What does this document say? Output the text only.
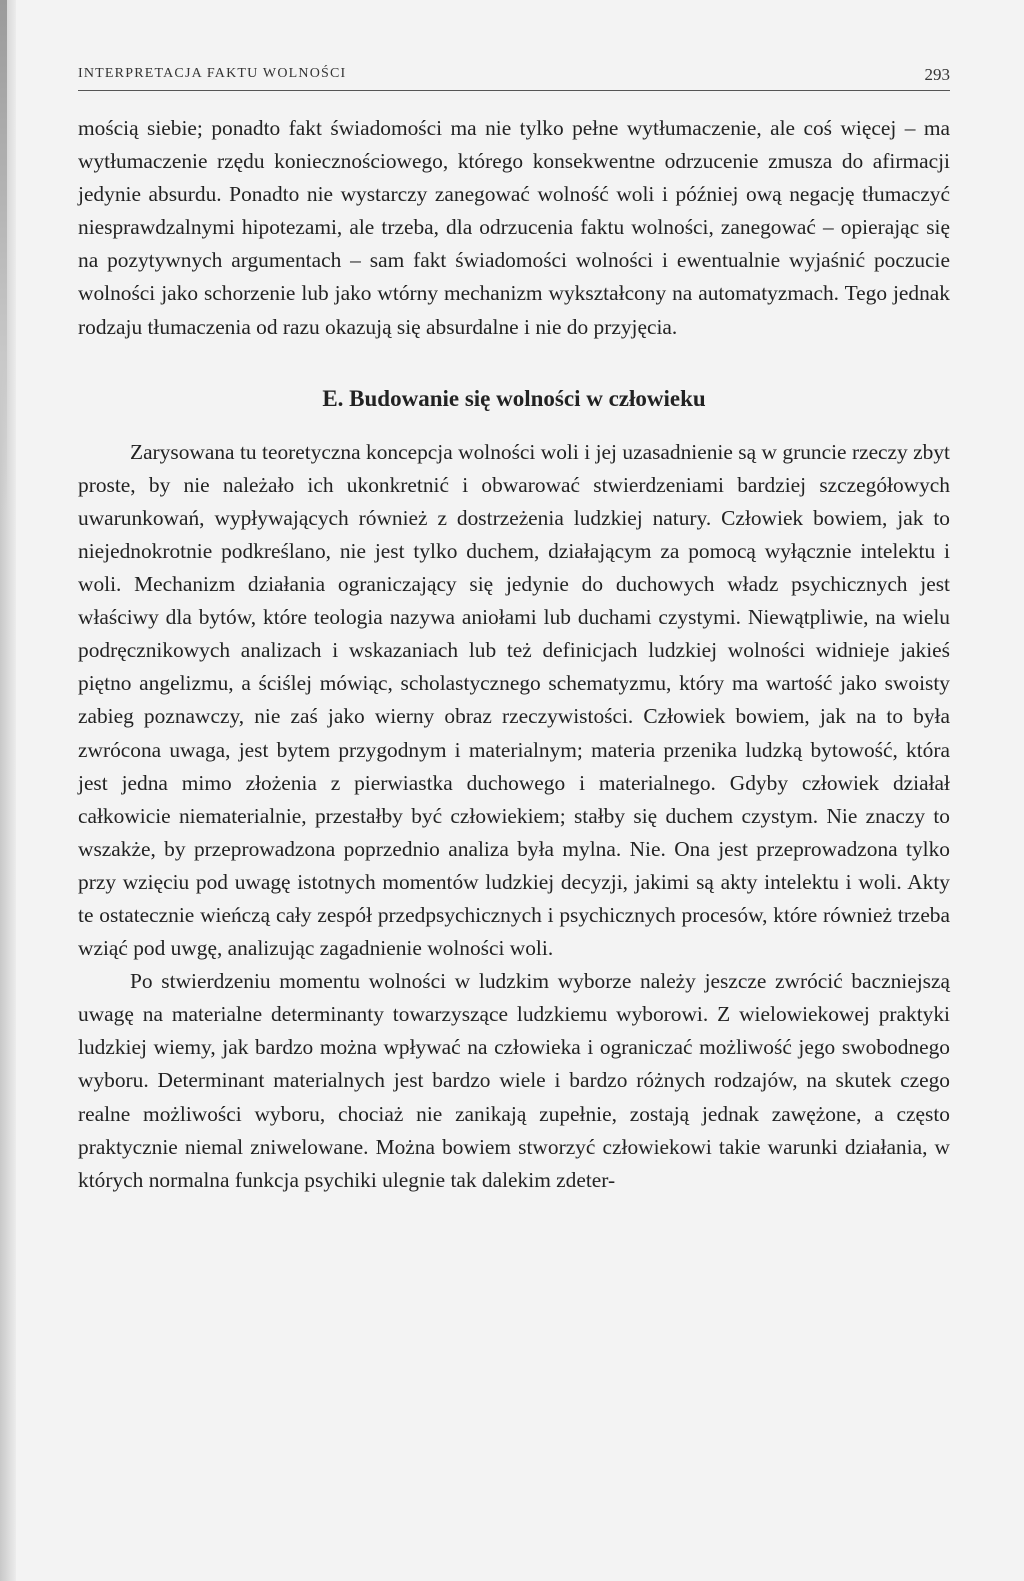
INTERPRETACJA FAKTU WOLNOŚCI	293

mością siebie; ponadto fakt świadomości ma nie tylko pełne wytłumaczenie, ale coś więcej – ma wytłumaczenie rzędu koniecznościowego, którego konsekwentne odrzucenie zmusza do afirmacji jedynie absurdu. Ponadto nie wystarczy zanegować wolność woli i później ową negację tłumaczyć niesprawdzalnymi hipotezami, ale trzeba, dla odrzucenia faktu wolności, zanegować – opierając się na pozytywnych argumentach – sam fakt świadomości wolności i ewentualnie wyjaśnić poczucie wolności jako schorzenie lub jako wtórny mechanizm wykształcony na automatyzmach. Tego jednak rodzaju tłumaczenia od razu okazują się absurdalne i nie do przyjęcia.

E. Budowanie się wolności w człowieku

Zarysowana tu teoretyczna koncepcja wolności woli i jej uzasadnienie są w gruncie rzeczy zbyt proste, by nie należało ich ukonkretnić i obwarować stwierdzeniami bardziej szczegółowych uwarunkowań, wypływających również z dostrzeżenia ludzkiej natury. Człowiek bowiem, jak to niejednokrotnie podkreślano, nie jest tylko duchem, działającym za pomocą wyłącznie intelektu i woli. Mechanizm działania ograniczający się jedynie do duchowych władz psychicznych jest właściwy dla bytów, które teologia nazywa aniołami lub duchami czystymi. Niewątpliwie, na wielu podręcznikowych analizach i wskazaniach lub też definicjach ludzkiej wolności widnieje jakieś piętno angelizmu, a ściślej mówiąc, scholastycznego schematyzmu, który ma wartość jako swoisty zabieg poznawczy, nie zaś jako wierny obraz rzeczywistości. Człowiek bowiem, jak na to była zwrócona uwaga, jest bytem przygodnym i materialnym; materia przenika ludzką bytowość, która jest jedna mimo złożenia z pierwiastka duchowego i materialnego. Gdyby człowiek działał całkowicie niematerialnie, przestałby być człowiekiem; stałby się duchem czystym. Nie znaczy to wszakże, by przeprowadzona poprzednio analiza była mylna. Nie. Ona jest przeprowadzona tylko przy wzięciu pod uwagę istotnych momentów ludzkiej decyzji, jakimi są akty intelektu i woli. Akty te ostatecznie wieńczą cały zespół przedpsychicznych i psychicznych procesów, które również trzeba wziąć pod uwgę, analizując zagadnienie wolności woli.

Po stwierdzeniu momentu wolności w ludzkim wyborze należy jeszcze zwrócić baczniejszą uwagę na materialne determinanty towarzyszące ludzkiemu wyborowi. Z wielowiekowej praktyki ludzkiej wiemy, jak bardzo można wpływać na człowieka i ograniczać możliwość jego swobodnego wyboru. Determinant materialnych jest bardzo wiele i bardzo różnych rodzajów, na skutek czego realne możliwości wyboru, chociaż nie zanikają zupełnie, zostają jednak zawężone, a często praktycznie niemal zniwelowane. Można bowiem stworzyć człowiekowi takie warunki działania, w których normalna funkcja psychiki ulegnie tak dalekim zdeter-
